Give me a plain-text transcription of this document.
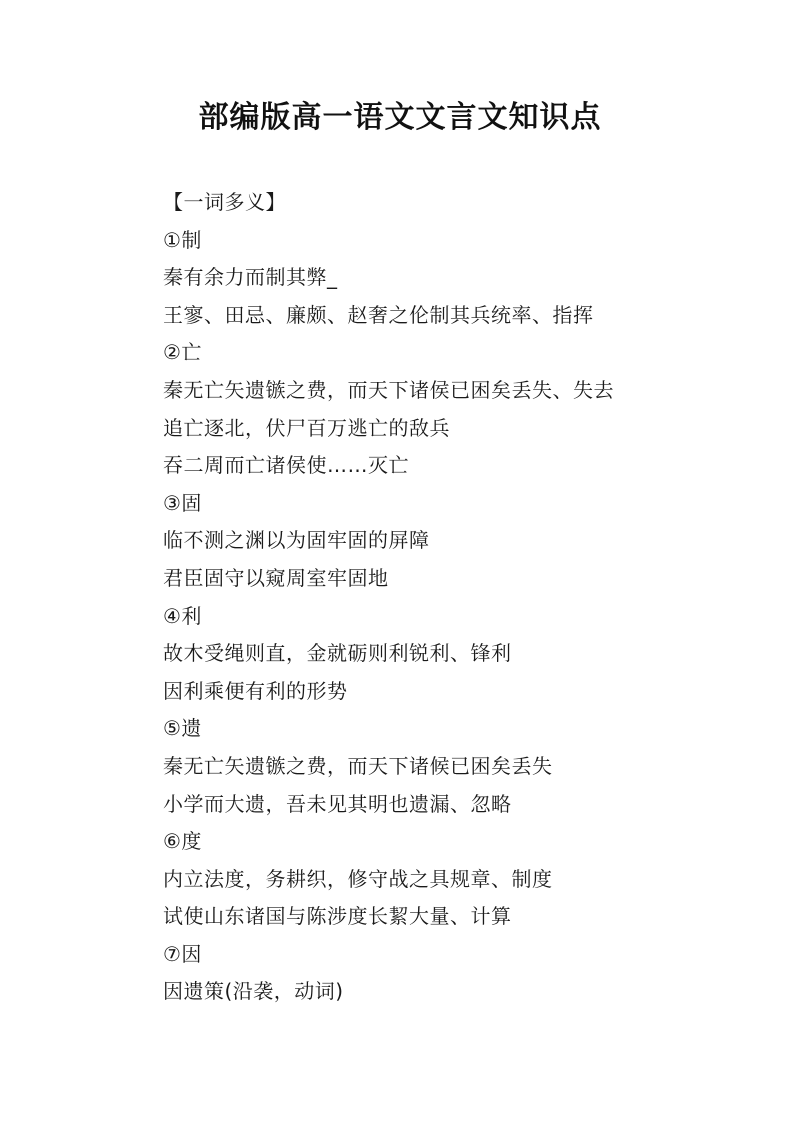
部编版高一语文文言文知识点
【一词多义】
①制
秦有余力而制其弊_
王寥、田忌、廉颇、赵奢之伦制其兵统率、指挥
②亡
秦无亡矢遗镞之费，而天下诸侯已困矣丢失、失去
追亡逐北，伏尸百万逃亡的敌兵
吞二周而亡诸侯使……灭亡
③固
临不测之渊以为固牢固的屏障
君臣固守以窥周室牢固地
④利
故木受绳则直，金就砺则利锐利、锋利
因利乘便有利的形势
⑤遗
秦无亡矢遗镞之费，而天下诸候已困矣丢失
小学而大遗，吾未见其明也遗漏、忽略
⑥度
内立法度，务耕织，修守战之具规章、制度
试使山东诸国与陈涉度长絜大量、计算
⑦因
因遗策(沿袭，动词)
